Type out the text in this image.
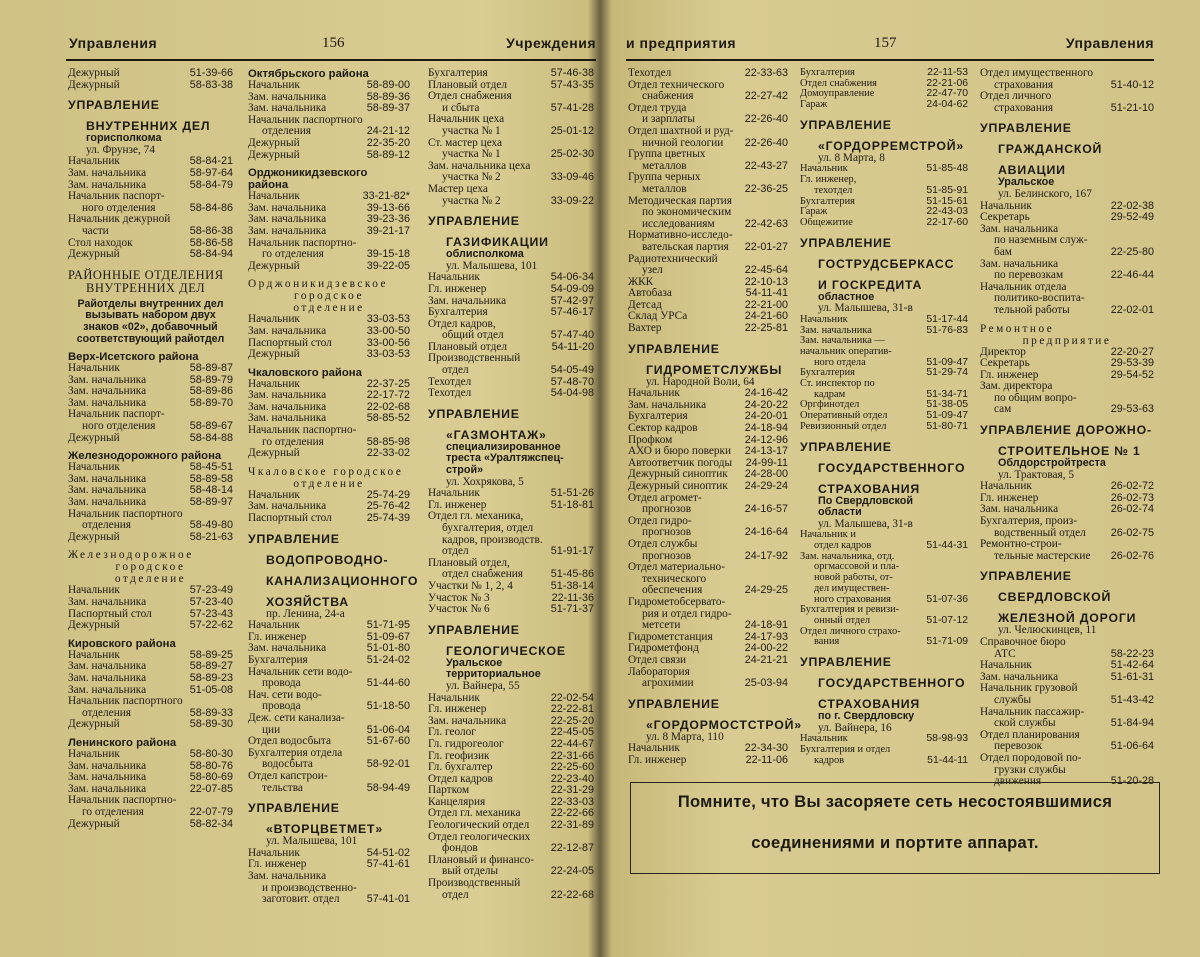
Управления	156	Учреждения
Дежурный	51-39-66
Дежурный	58-83-38
УПРАВЛЕНИЕ
ВНУТРЕННИХ ДЕЛ
горисполкома
ул. Фрунзе, 74
Начальник	58-84-21
Зам. начальника	58-97-64
Зам. начальника	58-84-79
Начальник паспорт-
ного отделения	58-84-86
Начальник дежурной
части	58-86-38
Стол находок	58-86-58
Дежурный	58-84-94
РАЙОННЫЕ ОТДЕЛЕНИЯ
ВНУТРЕННИХ ДЕЛ
Райотделы внутренних дел вызывать набором двух знаков «02», добавочный соответствующий райотдел
Верх-Исетского района
Начальник	58-89-87
Зам. начальника	58-89-79
Зам. начальника	58-89-86
Зам. начальника	58-89-70
Начальник паспорт-
ного отделения	58-89-67
Дежурный	58-84-88
Железнодорожного района
Начальник	58-45-51
Зам. начальника	58-89-58
Зам. начальника	58-48-14
Зам. начальника	58-89-97
Начальник паспортного
отделения	58-49-80
Дежурный	58-21-63
Железнодорожное
городское
отделение
Начальник	57-23-49
Зам. начальника	57-23-40
Паспортный стол	57-23-43
Дежурный	57-22-62
Кировского района
Начальник	58-89-25
Зам. начальника	58-89-27
Зам. начальника	58-89-23
Зам. начальника	51-05-08
Начальник паспортного
отделения	58-89-33
Дежурный	58-89-30
Ленинского района
Начальник	58-80-30
Зам. начальника	58-80-76
Зам. начальника	58-80-69
Зам. начальника	22-07-85
Начальник паспортно-
го отделения	22-07-79
Дежурный	58-82-34
Октябрьского района
Начальник	58-89-00
Зам. начальника	58-89-36
Зам. начальника	58-89-37
Начальник паспортного
отделения	24-21-12
Дежурный	22-35-20
Дежурный	58-89-12
Орджоникидзевского района
Начальник	33-21-82*
Зам. начальника	39-13-66
Зам. начальника	39-23-36
Зам. начальника	39-21-17
Начальник паспортно-
го отделения	39-15-18
Дежурный	39-22-05
Орджоникидзевское
городское
отделение
Начальник	33-03-53
Зам. начальника	33-00-50
Паспортный стол	33-00-56
Дежурный	33-03-53
Чкаловского района
Начальник	22-37-25
Зам. начальника	22-17-72
Зам. начальника	22-02-68
Зам. начальника	58-85-52
Начальник паспортно-
го отделения	58-85-98
Дежурный	22-33-02
Чкаловское городское
отделение
Начальник	25-74-29
Зам. начальника	25-76-42
Паспортный стол	25-74-39
УПРАВЛЕНИЕ
ВОДОПРОВОДНО-
КАНАЛИЗАЦИОННОГО
ХОЗЯЙСТВА
пр. Ленина, 24-а
Начальник	51-71-95
Гл. инженер	51-09-67
Зам. начальника	51-01-80
Бухгалтерия	51-24-02
Начальник сети водо-
провода	51-44-60
Нач. сети водо-
провода	51-18-50
Деж. сети канализа-
ции	51-06-04
Отдел водосбыта	51-67-60
Бухгалтерия отдела
водосбыта	58-92-01
Отдел капстрои-
тельства	58-94-49
УПРАВЛЕНИЕ
«ВТОРЦВЕТМЕТ»
ул. Малышева, 101
Начальник	54-51-02
Гл. инженер	57-41-61
Зам. начальника
и производственно-
заготовит. отдел	57-41-01
Бухгалтерия	57-46-38
Плановый отдел	57-43-35
Отдел снабжения
и сбыта	57-41-28
Начальник цеха
участка № 1	25-01-12
Ст. мастер цеха
участка № 1	25-02-30
Зам. начальника цеха
участка № 2	33-09-46
Мастер цеха
участка № 2	33-09-22
УПРАВЛЕНИЕ
ГАЗИФИКАЦИИ
облисполкома
ул. Малышева, 101
Начальник	54-06-34
Гл. инженер	54-09-09
Зам. начальника	57-42-97
Бухгалтерия	57-46-17
Отдел кадров,
общий отдел	57-47-40
Плановый отдел	54-11-20
Производственный
отдел	54-05-49
Техотдел	57-48-70
Техотдел	54-04-98
УПРАВЛЕНИЕ
«ГАЗМОНТАЖ»
специализированное
треста «Уралтяжспец-
строй»
ул. Хохрякова, 5
Начальник	51-51-26
Гл. инженер	51-18-81
Отдел гл. механика,
бухгалтерия, отдел
кадров, производств.
отдел	51-91-17
Плановый отдел,
отдел снабжения	51-45-86
Участки № 1, 2, 4	51-38-14
Участок № 3	22-11-36
Участок № 6	51-71-37
УПРАВЛЕНИЕ
ГЕОЛОГИЧЕСКОЕ
Уральское территориальное
ул. Вайнера, 55
Начальник	22-02-54
Гл. инженер	22-22-81
Зам. начальника	22-25-20
Гл. геолог	22-45-05
Гл. гидрогеолог	22-44-67
Гл. геофизик	22-31-66
Гл. бухгалтер	22-25-60
Отдел кадров	22-23-40
Партком	22-31-29
Канцелярия	22-33-03
Отдел гл. механика	22-22-66
Геологический отдел 22-31-89
Отдел геологических
фондов	22-12-87
Плановый и финансо-
вый отделы	22-24-05
Производственный
отдел	22-22-68
и предприятия	157	Управления
Техотдел	22-33-63
Отдел технического
снабжения	22-27-42
Отдел труда
и зарплаты	22-26-40
Отдел шахтной и руд-
ничной геологии 22-26-40
Группа цветных
металлов	22-43-27
Группа черных
металлов	22-36-25
Методическая партия
по экономическим
исследованиям	22-42-63
Нормативно-исследо-
вательская партия 22-01-27
Радиотехнический
узел	22-45-64
ЖКК	22-10-13
Автобаза	54-11-41
Детсад	22-21-00
Склад УРСа	24-21-60
Вахтер	22-25-81
УПРАВЛЕНИЕ
ГИДРОМЕТСЛУЖБЫ
ул. Народной Воли, 64
Начальник	24-16-42
Зам. начальника	24-20-22
Бухгалтерия	24-20-01
Сектор кадров	24-18-94
Профком	24-12-96
АХО и бюро поверки 24-13-17
Автоответчик погоды 24-99-11
Дежурный синоптик 24-28-00
Дежурный синоптик 24-29-24
Отдел агромет-
прогнозов	24-16-57
Отдел гидро-
прогнозов	24-16-64
Отдел службы
прогнозов	24-17-92
Отдел материально-
технического
обеспечения	24-29-25
Гидрометобсервато-
рия и отдел гидро-
метсети	24-18-91
Гидрометстанция	24-17-93
Гидрометфонд	24-00-22
Отдел связи	24-21-21
Лаборатория
агрохимии	25-03-94
УПРАВЛЕНИЕ
«ГОРДОРМОСТСТРОЙ»
ул. 8 Марта, 110
Начальник	22-34-30
Гл. инженер	22-11-06
Бухгалтерия	22-11-53
Отдел снабжения	22-21-06
Домоуправление	22-47-70
Гараж	24-04-62
УПРАВЛЕНИЕ
«ГОРДОРРЕМСТРОЙ»
ул. 8 Марта, 8
Начальник	51-85-48
Гл. инженер,
техотдел	51-85-91
Бухгалтерия	51-15-61
Гараж	22-43-03
Общежитие	22-17-60
УПРАВЛЕНИЕ
ГОСТРУДСБЕРКАСС
И ГОСКРЕДИТА
областное
ул. Малышева, 31-в
Начальник	51-17-44
Зам. начальника	51-76-83
Зам. начальника —
начальник оператив-
ного отдела	51-09-47
Бухгалтерия	51-29-74
Ст. инспектор по
кадрам	51-34-71
Оргфинотдел	51-38-05
Оперативный отдел	51-09-47
Ревизионный отдел	51-80-71
УПРАВЛЕНИЕ
ГОСУДАРСТВЕННОГО
СТРАХОВАНИЯ
По Свердловской
области
ул. Малышева, 31-в
Начальник и
отдел кадров	51-44-31
Зам. начальника, отд.
оргмассовой и пла-
новой работы, от-
дел имуществен-
ного страхования	51-07-36
Бухгалтерия и ревизи-
онный отдел	51-07-12
Отдел личного страхо-
вания	51-71-09
УПРАВЛЕНИЕ
ГОСУДАРСТВЕННОГО
СТРАХОВАНИЯ
по г. Свердловску
ул. Вайнера, 16
Начальник	58-98-93
Бухгалтерия и отдел
кадров	51-44-11
Отдел имущественного
страхования	51-40-12
Отдел личного
страхования	51-21-10
УПРАВЛЕНИЕ
ГРАЖДАНСКОЙ
АВИАЦИИ
Уральское
ул. Белинского, 167
Начальник	22-02-38
Секретарь	29-52-49
Зам. начальника
по наземным служ-
бам	22-25-80
Зам. начальника
по перевозкам	22-46-44
Начальник отдела
политико-воспита-
тельной работы	22-02-01
Ремонтное
предприятие
Директор	22-20-27
Секретарь	29-53-39
Гл. инженер	29-54-52
Зам. директора
по общим вопро-
сам	29-53-63
УПРАВЛЕНИЕ ДОРОЖНО-
СТРОИТЕЛЬНОЕ № 1
Облдорстройтреста
ул. Трактовая, 5
Начальник	26-02-72
Гл. инженер	26-02-73
Зам. начальника	26-02-74
Бухгалтерия, произ-
водственный отдел 26-02-75
Ремонтно-строи-
тельные мастерские 26-02-76
УПРАВЛЕНИЕ
СВЕРДЛОВСКОЙ
ЖЕЛЕЗНОЙ ДОРОГИ
ул. Челюскинцев, 11
Справочное бюро
АТС	58-22-23
Начальник	51-42-64
Зам. начальника	51-61-31
Начальник грузовой
службы	51-43-42
Начальник пассажир-
ской службы	51-84-94
Отдел планирования
перевозок	51-06-64
Отдел породовой по-
грузки службы
движения	51-20-28
Помните, что Вы засоряете сеть несостоявшимися
соединениями и портите аппарат.
